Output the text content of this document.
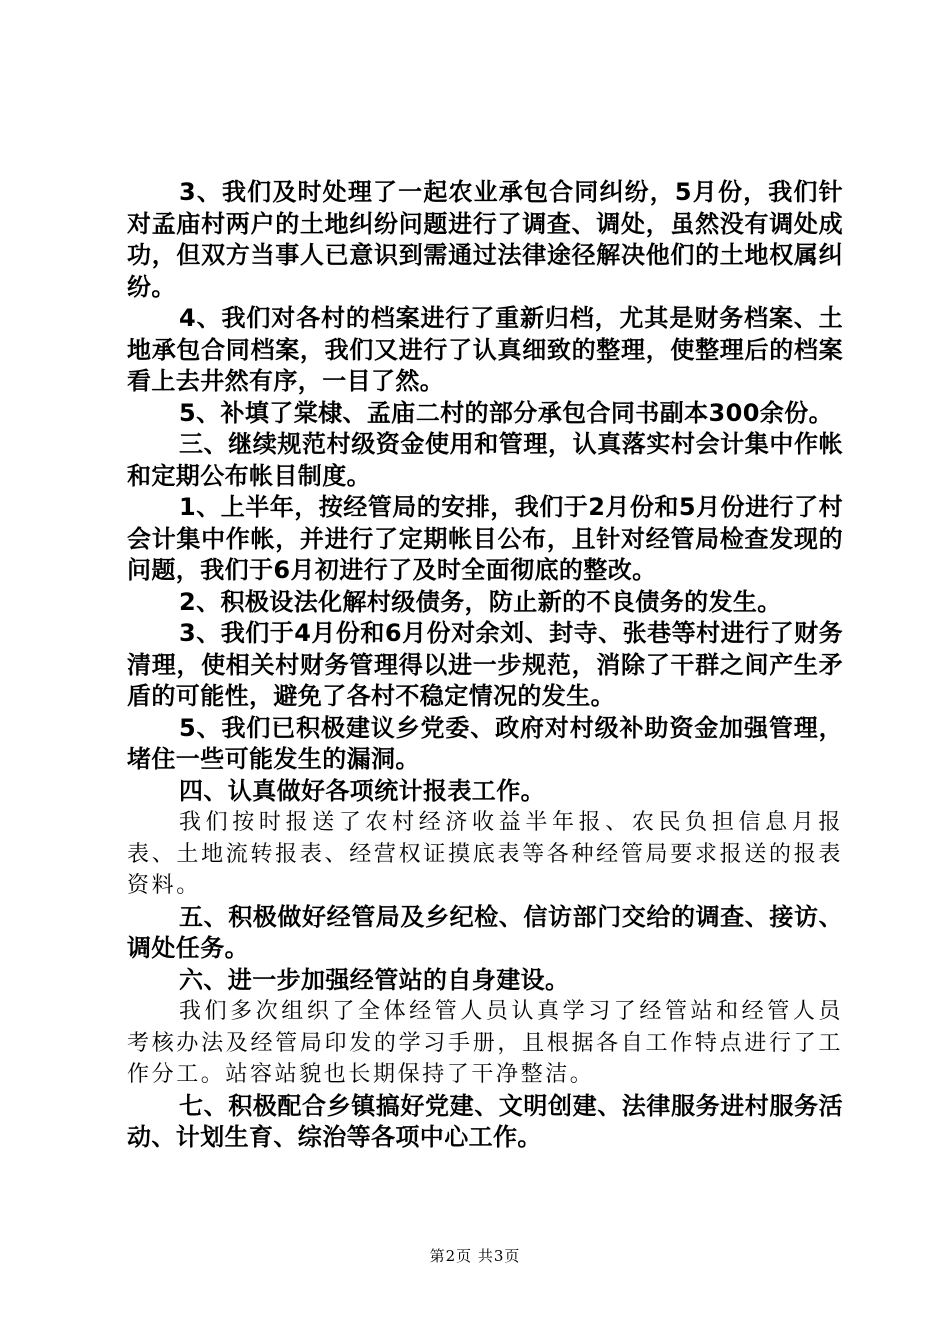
3、我们及时处理了一起农业承包合同纠纷，5月份，我们针对孟庙村两户的土地纠纷问题进行了调查、调处，虽然没有调处成功，但双方当事人已意识到需通过法律途径解决他们的土地权属纠纷。

4、我们对各村的档案进行了重新归档，尤其是财务档案、土地承包合同档案，我们又进行了认真细致的整理，使整理后的档案看上去井然有序，一目了然。

5、补填了棠棣、孟庙二村的部分承包合同书副本300余份。

三、继续规范村级资金使用和管理，认真落实村会计集中作帐和定期公布帐目制度。

1、上半年，按经管局的安排，我们于2月份和5月份进行了村会计集中作帐，并进行了定期帐目公布，且针对经管局检查发现的问题，我们于6月初进行了及时全面彻底的整改。

2、积极设法化解村级债务，防止新的不良债务的发生。

3、我们于4月份和6月份对余刘、封寺、张巷等村进行了财务清理，使相关村财务管理得以进一步规范，消除了干群之间产生矛盾的可能性，避免了各村不稳定情况的发生。

5、我们已积极建议乡党委、政府对村级补助资金加强管理，堵住一些可能发生的漏洞。

四、认真做好各项统计报表工作。

我们按时报送了农村经济收益半年报、农民负担信息月报表、土地流转报表、经营权证摸底表等各种经管局要求报送的报表资料。

五、积极做好经管局及乡纪检、信访部门交给的调查、接访、调处任务。

六、进一步加强经管站的自身建设。

我们多次组织了全体经管人员认真学习了经管站和经管人员考核办法及经管局印发的学习手册，且根据各自工作特点进行了工作分工。站容站貌也长期保持了干净整洁。

七、积极配合乡镇搞好党建、文明创建、法律服务进村服务活动、计划生育、综治等各项中心工作。

第2页 共3页
